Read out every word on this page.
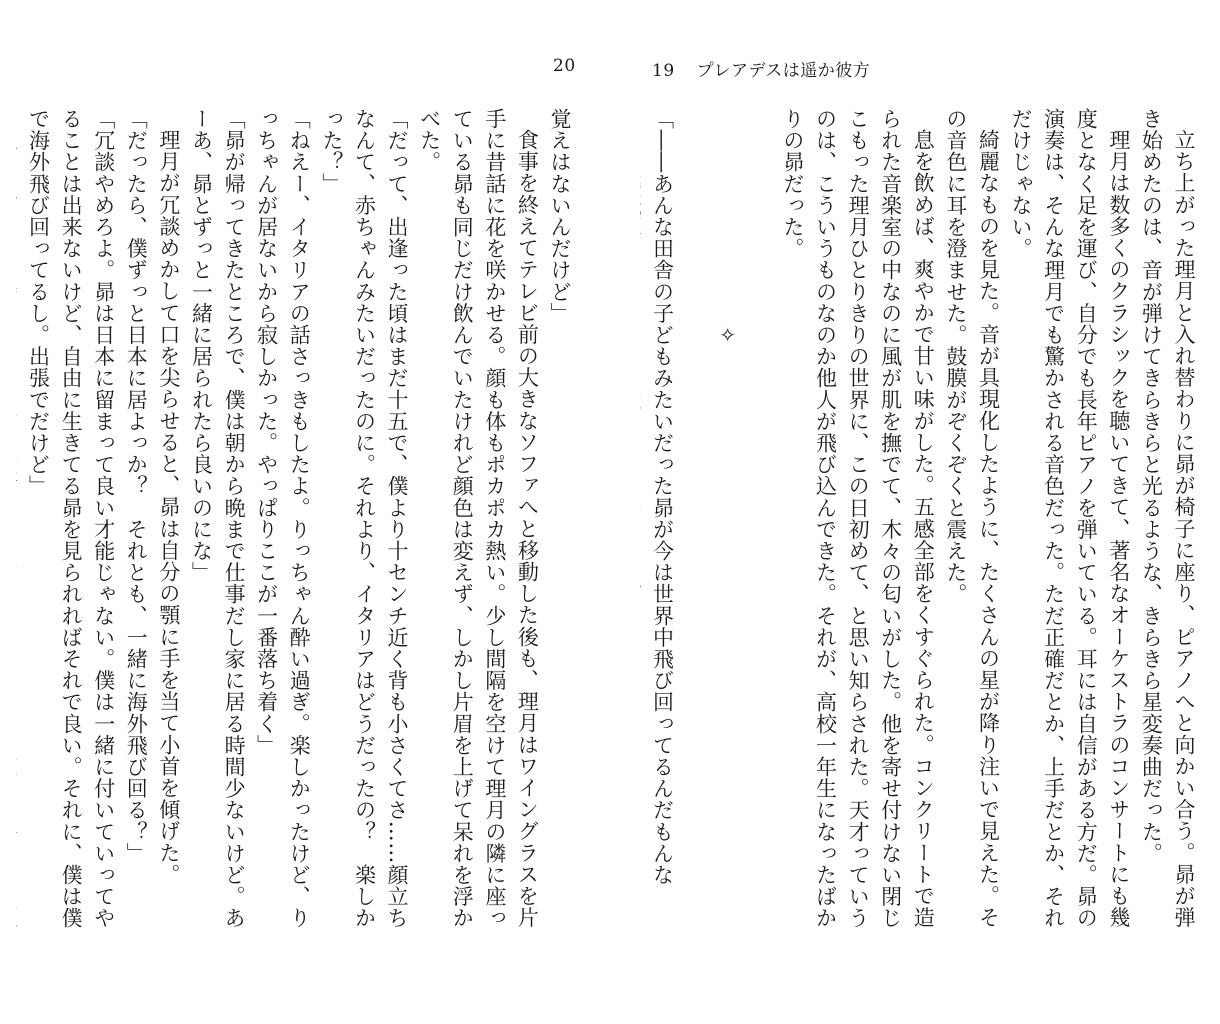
20	19 プレアデスは遥か彼方

立ち上がった理月と入れ替わりに昴が椅子に座り、ピアノへと向かい合う。昴が弾き始めたのは、音が弾けてきらきらと光るような、きらきら星変奏曲だった。

理月は数多くのクラシックを聴いてきて、著名なオーケストラのコンサートにも幾度となく足を運び、自分でも長年ピアノを弾いている。耳には自信がある方だ。昴の演奏は、そんな理月でも驚かされる音色だった。ただ正確だとか、上手だとか、それだけじゃない。

綺麗なものを見た。音が具現化したように、たくさんの星が降り注いで見えた。その音色に耳を澄ませた。鼓膜がぞくぞくと震えた。

息を飲めば、爽やかで甘い味がした。五感全部をくすぐられた。コンクリートで造られた音楽室の中なのに風が肌を撫でて、木々の匂いがした。他を寄せ付けない閉じこもった理月ひとりきりの世界に、この日初めて、と思い知らされた。天才っていうのは、こういうものなのか他人が飛び込んできた。それが、高校一年生になったばかりの昴だった。

✧

「――あんな田舎の子どもみたいだった昴が今は世界中飛び回ってるんだもんな

覚えはないんだけど」

食事を終えてテレビ前の大きなソファへと移動した後も、理月はワイングラスを片手に昔話に花を咲かせる。顔も体もポカポカ熱い。少し間隔を空けて理月の隣に座っている昴も同じだけ飲んでいたけれど顔色は変えず、しかし片眉を上げて呆れを浮かべた。

「だって、出逢った頃はまだ十五で、僕より十センチ近く背も小さくてさ……顔立ちなんて、赤ちゃんみたいだったのに。それより、イタリアはどうだったの？　楽しかった？」

「ねえー、イタリアの話さっきもしたよ。りっちゃん酔い過ぎ。楽しかったけど、りっちゃんが居ないから寂しかった。やっぱりここが一番落ち着く」

「昴が帰ってきたところで、僕は朝から晩まで仕事だし家に居る時間少ないけど。あーあ、昴とずっと一緒に居られたら良いのにな」

理月が冗談めかして口を尖らせると、昴は自分の顎に手を当て小首を傾げた。

「だったら、僕ずっと日本に居よっか？　それとも、一緒に海外飛び回る？」

「冗談やめろよ。昴は日本に留まって良い才能じゃない。僕は一緒に付いていってやることは出来ないけど、自由に生きてる昴を見られればそれで良い。それに、僕は僕で海外飛び回ってるし。出張でだけど」
